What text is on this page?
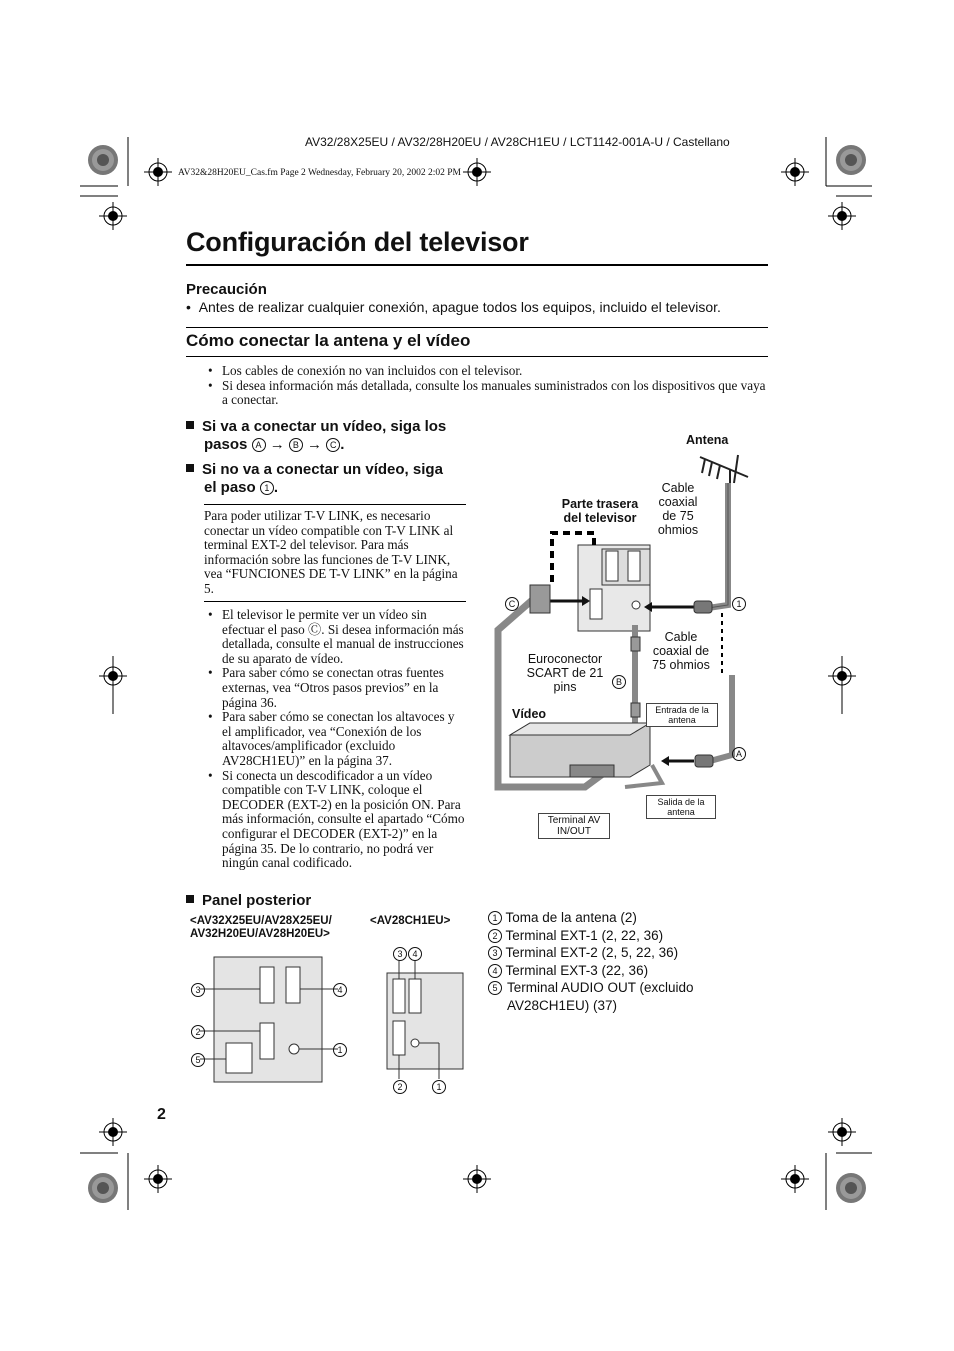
AV32/28X25EU / AV32/28H20EU / AV28CH1EU / LCT1142-001A-U / Castellano
AV32&28H20EU_Cas.fm Page 2 Wednesday, February 20, 2002 2:02 PM
Configuración del televisor
Precaución
•  Antes de realizar cualquier conexión, apague todos los equipos, incluido el televisor.
Cómo conectar la antena y el vídeo
• Los cables de conexión no van incluidos con el televisor.
• Si desea información más detallada, consulte los manuales suministrados con los dispositivos que vaya a conectar.
Si va a conectar un vídeo, siga los
pasos A → B → C .
Si no va a conectar un vídeo, siga
el paso 1 .
Para poder utilizar T-V LINK, es necesario conectar un vídeo compatible con T-V LINK al terminal EXT-2 del televisor. Para más información sobre las funciones de T-V LINK, vea “FUNCIONES DE T-V LINK” en la página 5.
• El televisor le permite ver un vídeo sin efectuar el paso Ⓒ. Si desea información más detallada, consulte el manual de instrucciones de su aparato de vídeo.
• Para saber cómo se conectan otras fuentes externas, vea “Otros pasos previos” en la página 36.
• Para saber cómo se conectan los altavoces y el amplificador, vea “Conexión de los altavoces/amplificador (excluido AV28CH1EU)” en la página 37.
• Si conecta un descodificador a un vídeo compatible con T-V LINK, coloque el DECODER (EXT-2) en la posición ON. Para más información, consulte el apartado “Cómo configurar el DECODER (EXT-2)” en la página 35. De lo contrario, no podrá ver ningún canal codificado.
Antena
Parte trasera del televisor
Cable coaxial de 75 ohmios
Cable coaxial de 75 ohmios
Euroconector SCART de 21 pins
Vídeo	Entrada de la antena
Salida de la antena
Terminal AV IN/OUT
C	1
B
A
Panel posterior
<AV32X25EU/AV28X25EU/ AV32H20EU/AV28H20EU>
<AV28CH1EU>
3	4
2
1
5
3	4
2	1
1 Toma de la antena (2)
2 Terminal EXT-1 (2, 22, 36)
3 Terminal EXT-2 (2, 5, 22, 36)
4 Terminal EXT-3 (22, 36)
5 Terminal AUDIO OUT (excluido AV28CH1EU) (37)
2
